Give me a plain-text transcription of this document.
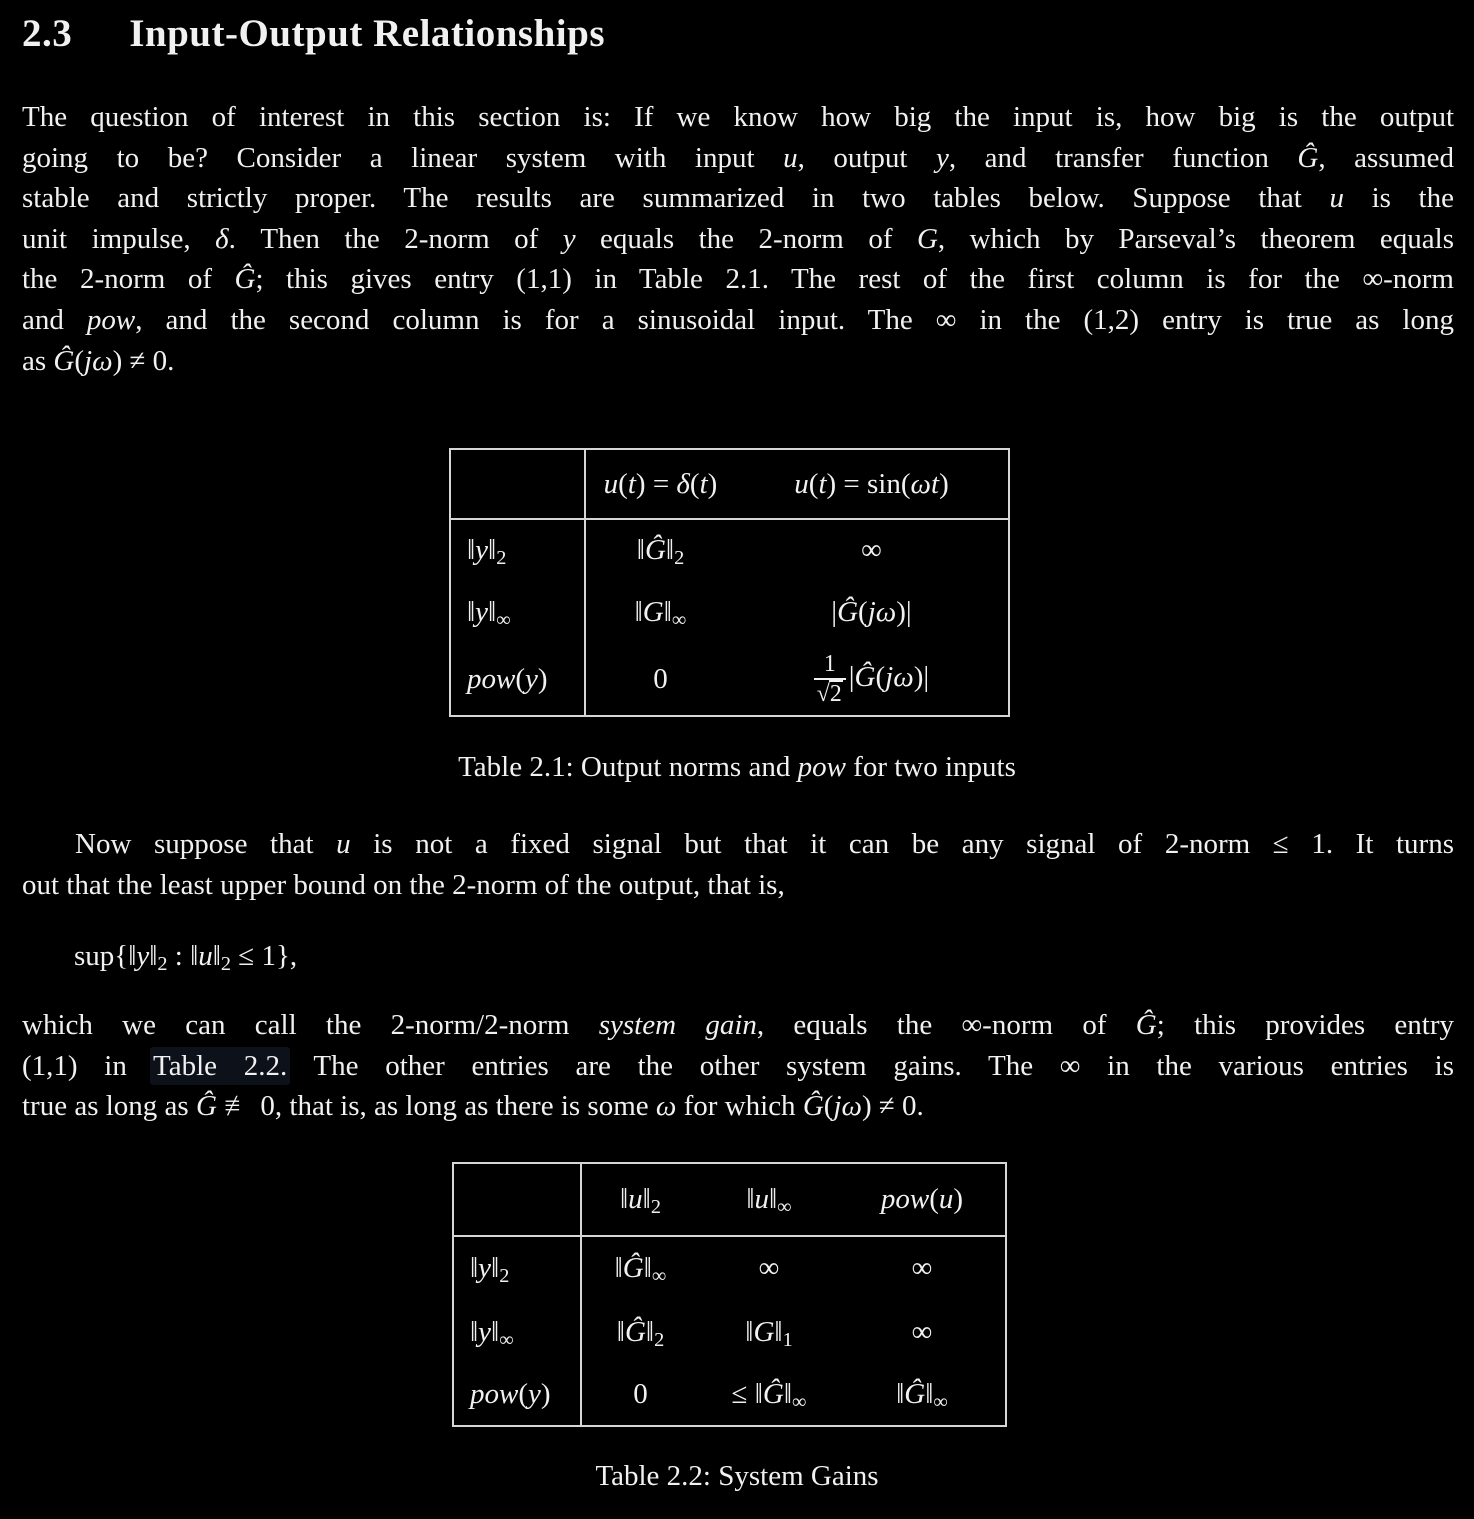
2.3 Input-Output Relationships
The question of interest in this section is: If we know how big the input is, how big is the output
going to be? Consider a linear system with input u, output y, and transfer function Ĝ, assumed
stable and strictly proper. The results are summarized in two tables below. Suppose that u is the
unit impulse, δ. Then the 2-norm of y equals the 2-norm of G, which by Parseval’s theorem equals
the 2-norm of Ĝ; this gives entry (1,1) in Table 2.1. The rest of the first column is for the ∞-norm
and pow, and the second column is for a sinusoidal input. The ∞ in the (1,2) entry is true as long
as Ĝ(jω) ≠ 0.
	u(t) = δ(t)	u(t) = sin(ωt)
$‖y‖_2$	$‖Ĝ‖_2$	∞
$‖y‖_\infty$	$‖G‖_\infty$	|Ĝ(jω)|
pow(y)	0	$\frac{1}{√2}$ |Ĝ(jω)|
Table 2.1: Output norms and pow for two inputs
Now suppose that u is not a fixed signal but that it can be any signal of 2-norm ≤ 1. It turns
out that the least upper bound on the 2-norm of the output, that is,
$sup\{‖y‖_2$ : $‖u‖_2 \le 1$},
which we can call the 2-norm/2-norm system gain, equals the ∞-norm of Ĝ; this provides entry
(1,1) in Table 2.2. The other entries are the other system gains. The ∞ in the various entries is
true as long as Ĝ ≢ 0, that is, as long as there is some ω for which Ĝ(jω) ≠ 0.
	$‖u‖_2$	$‖u‖_\infty$	pow(u)
$‖y‖_2$	$‖Ĝ‖_\infty$	∞	∞
$‖y‖_\infty$	$‖Ĝ‖_2$	$‖G‖_1$	∞
pow(y)	0	≤ $‖Ĝ‖_\infty$	$‖Ĝ‖_\infty$
Table 2.2: System Gains
